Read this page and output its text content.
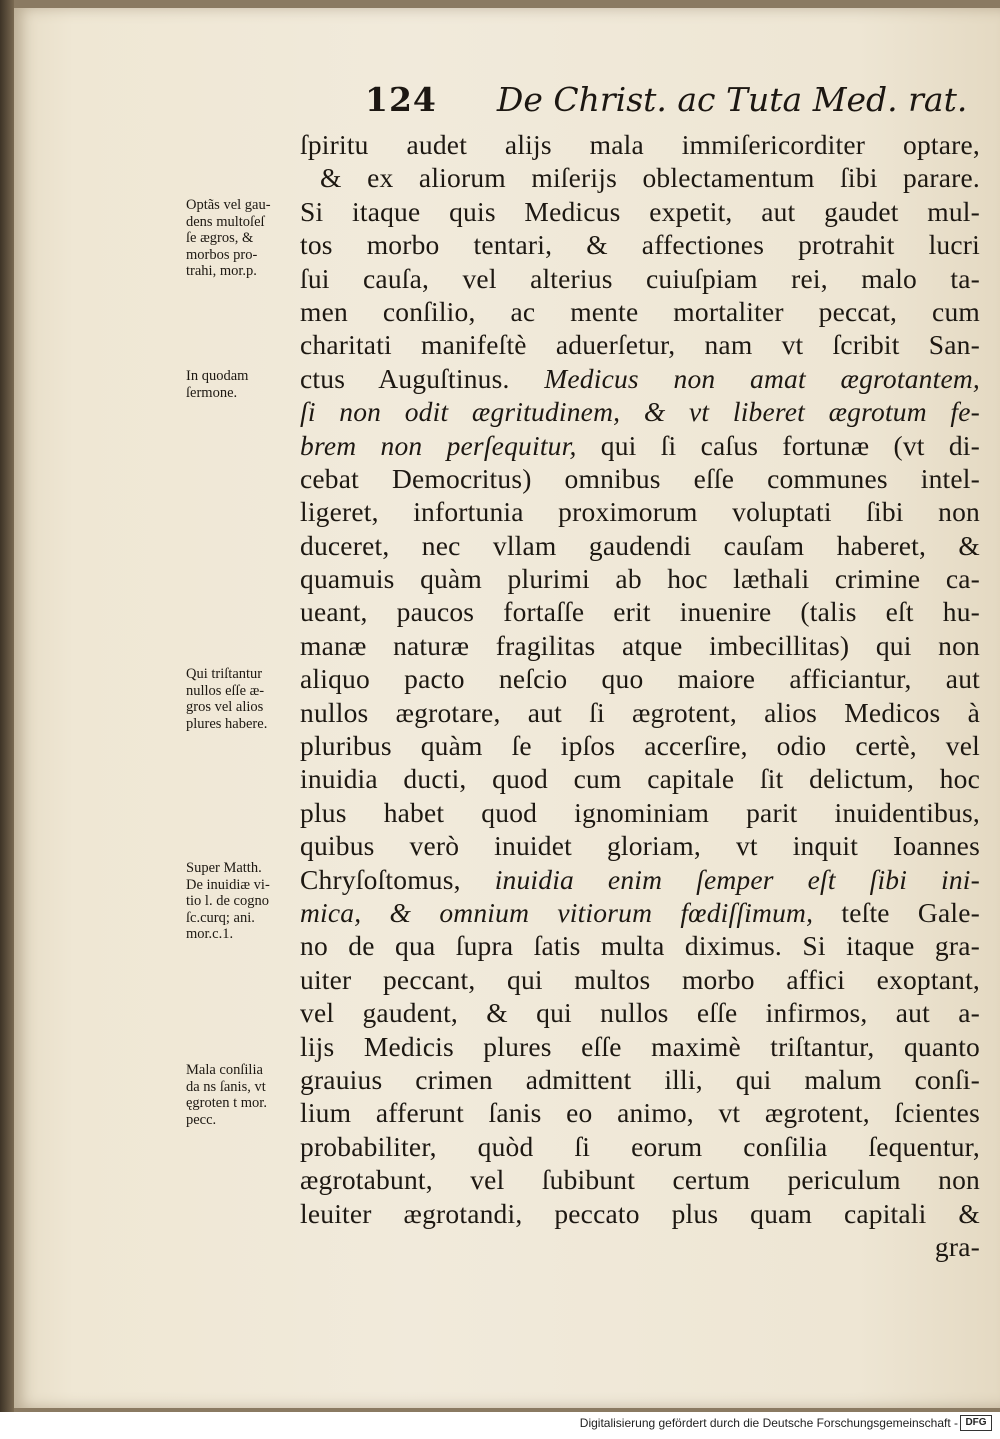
124 De Christ. ac Tuta Med. rat.
ſpiritu audet alijs mala immiſericorditer optare,
& ex aliorum miſerijs oblectamentum ſibi parare.
Si itaque quis Medicus expetit, aut gaudet mul-
tos morbo tentari, & affectiones protrahit lucri
ſui cauſa, vel alterius cuiuſpiam rei, malo ta-
men conſilio, ac mente mortaliter peccat, cum
charitati manifeſtè aduerſetur, nam vt ſcribit San-
ctus Auguſtinus. Medicus non amat ægrotantem,
ſi non odit ægritudinem, & vt liberet ægrotum fe-
brem non perſequitur, qui ſi caſus fortunæ (vt di-
cebat Democritus) omnibus eſſe communes intel-
ligeret, infortunia proximorum voluptati ſibi non
duceret, nec vllam gaudendi cauſam haberet, &
quamuis quàm plurimi ab hoc læthali crimine ca-
ueant, paucos fortaſſe erit inuenire (talis eſt hu-
manæ naturæ fragilitas atque imbecillitas) qui non
aliquo pacto neſcio quo maiore afficiantur, aut
nullos ægrotare, aut ſi ægrotent, alios Medicos à
pluribus quàm ſe ipſos accerſire, odio certè, vel
inuidia ducti, quod cum capitale ſit delictum, hoc
plus habet quod ignominiam parit inuidentibus,
quibus verò inuidet gloriam, vt inquit Ioannes
Chryſoſtomus, inuidia enim ſemper eſt ſibi ini-
mica, & omnium vitiorum fœdiſſimum, teſte Gale-
no de qua ſupra ſatis multa diximus. Si itaque gra-
uiter peccant, qui multos morbo affici exoptant,
vel gaudent, & qui nullos eſſe infirmos, aut a-
lijs Medicis plures eſſe maximè triſtantur, quanto
grauius crimen admittent illi, qui malum conſi-
lium afferunt ſanis eo animo, vt ægrotent, ſcientes
probabiliter, quòd ſi eorum conſilia ſequentur,
ægrotabunt, vel ſubibunt certum periculum non
leuiter ægrotandi, peccato plus quam capitali &
gra-
Optãs vel gau-
dens multoſeſ
ſe ægros, &
morbos pro-
trahi, mor.p.
In quodam
ſermone.
Qui triſtantur
nullos eſſe æ-
gros vel alios
plures habere.
Super Matth.
De inuidiæ vi-
tio l. de cogno
ſc.curq; ani.
mor.c.1.
Mala conſilia
da ns ſanis, vt
ęgroten t mor.
pecc.
Digitalisierung gefördert durch die Deutsche Forschungsgemeinschaft - DFG
